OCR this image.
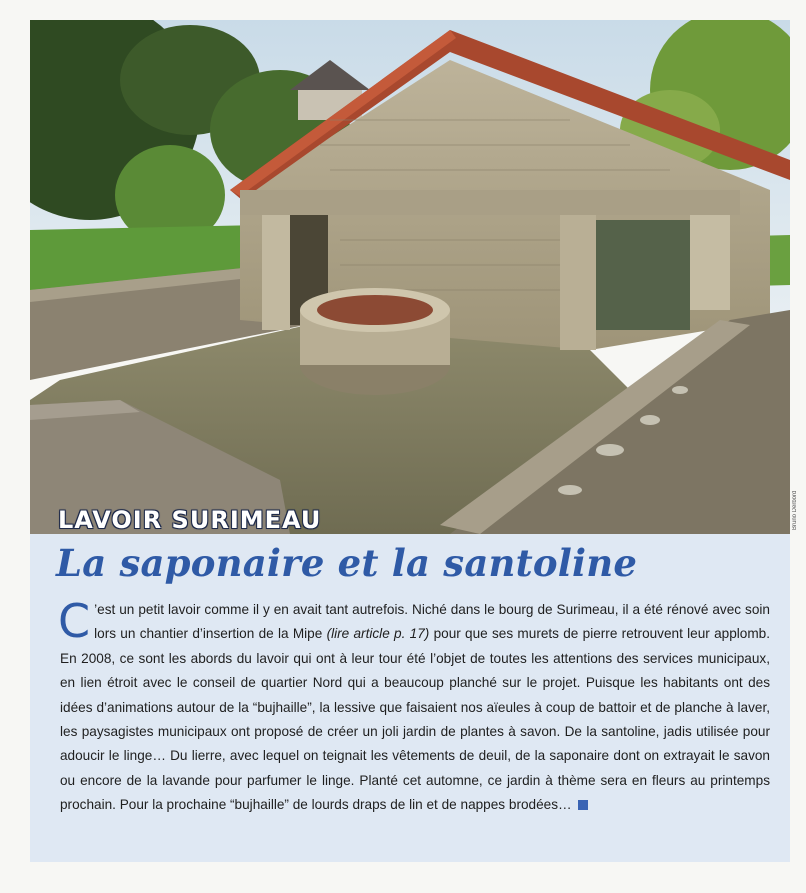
Bruno Derbord
LAVOIR SURIMEAU
La saponaire et la santoline

C ’est un petit lavoir comme il y en avait tant autrefois. Niché dans le bourg de Surimeau, il a été rénové avec soin lors un chantier d’insertion de la Mipe (lire article p. 17) pour que ses murets de pierre retrouvent leur applomb. En 2008, ce sont les abords du lavoir qui ont à leur tour été l’objet de toutes les attentions des services municipaux, en lien étroit avec le conseil de quartier Nord qui a beaucoup planché sur le projet. Puisque les habitants ont des idées d’animations autour de la “bujhaille”, la lessive que faisaient nos aïeules à coup de battoir et de planche à laver, les paysagistes municipaux ont proposé de créer un joli jardin de plantes à savon. De la santoline, jadis utilisée pour adoucir le linge… Du lierre, avec lequel on teignait les vêtements de deuil, de la saponaire dont on extrayait le savon ou encore de la lavande pour parfumer le linge. Planté cet automne, ce jardin à thème sera en fleurs au printemps prochain. Pour la prochaine “bujhaille” de lourds draps de lin et de nappes brodées…
